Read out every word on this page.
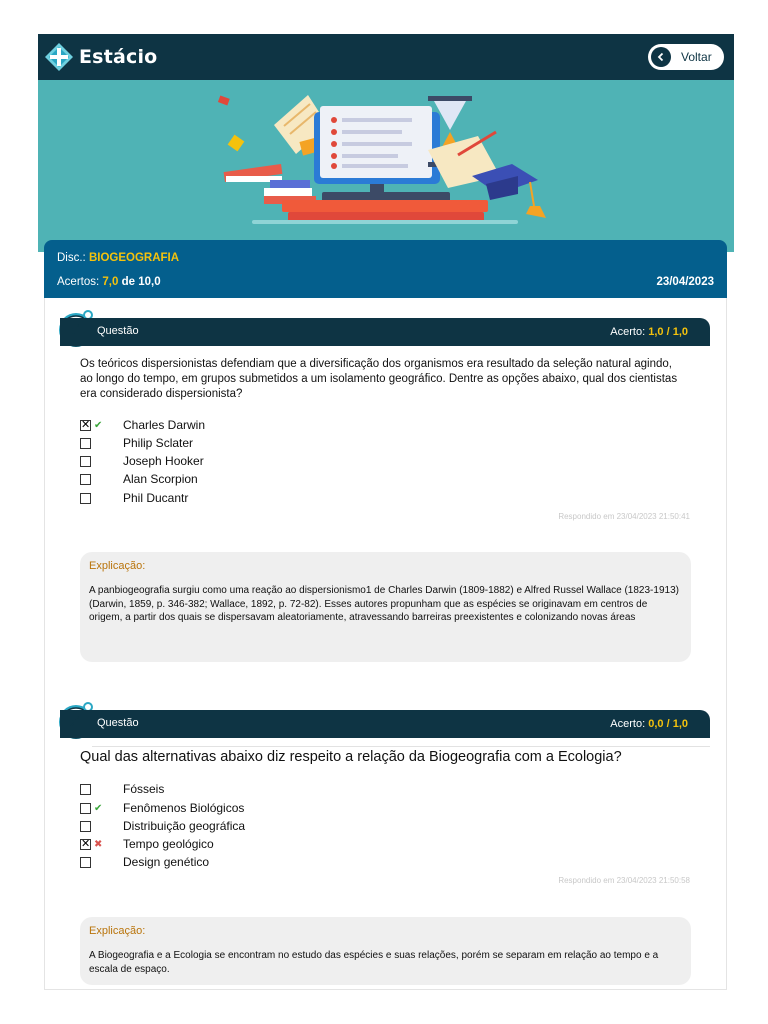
Estácio	Voltar
Disc.: BIOGEOGRAFIA
Acertos: 7,0 de 10,0	23/04/2023
Questão	Acerto: 1,0 / 1,0
$1^ª$
Os teóricos dispersionistas defendiam que a diversificação dos organismos era resultado da seleção natural agindo, ao longo do tempo, em grupos submetidos a um isolamento geográfico. Dentre as opções abaixo, qual dos cientistas era considerado dispersionista?
✕
✔	Charles Darwin
Philip Sclater
Joseph Hooker
Alan Scorpion
Phil Ducantr
Respondido em 23/04/2023 21:50:41
Explicação:
A panbiogeografia surgiu como uma reação ao dispersionismo1 de Charles Darwin (1809-1882) e Alfred Russel Wallace (1823-1913) (Darwin, 1859, p. 346-382; Wallace, 1892, p. 72-82). Esses autores propunham que as espécies se originavam em centros de origem, a partir dos quais se dispersavam aleatoriamente, atravessando barreiras preexistentes e colonizando novas áreas
Questão	Acerto: 0,0 / 1,0
$2^ª$
Qual das alternativas abaixo diz respeito a relação da Biogeografia com a Ecologia?
Fósseis
✔	Fenômenos Biológicos
Distribuição geográfica
✕
✖	Tempo geológico
Design genético
Respondido em 23/04/2023 21:50:58
Explicação:
A Biogeografia e a Ecologia se encontram no estudo das espécies e suas relações, porém se separam em relação ao tempo e a escala de espaço.
